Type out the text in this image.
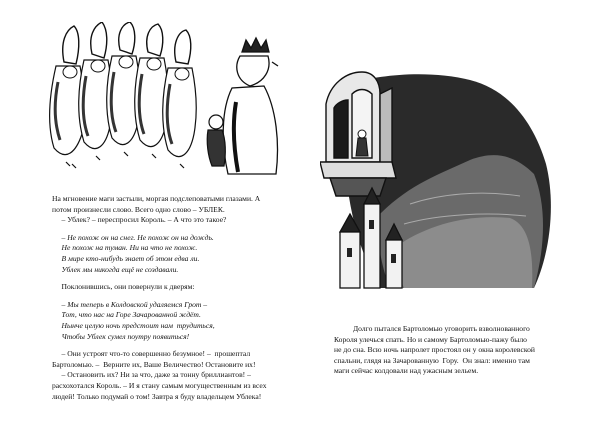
На мгновение маги застыли, моргая подслеповатыми глазами. А

потом произнесли слово. Всего одно слово – УБЛЕК.

– Ублек? – переспросил Король. – А что это такое?

– Не похож он на снег. Не похож он на дождь.

Не похож на туман. Ни на что не похож.

В мире кто-нибудь знает об этом едва ли.

Ублек мы никогда ещё не создавали.

Поклонившись, они повернули к дверям:

– Мы теперь в Колдовской удаляемся Грот –

Тот, что нас на Горе Зачарованной ждёт.

Нынче целую ночь предстоит нам  трудиться,

Чтобы Ублек сумел поутру появиться!

– Они устроят что-то совершенно безумное! –  прошептал

Бартоломью. –  Верните их, Ваше Величество! Остановите их!

– Остановить их? Ни за что, даже за тонну бриллиантов! –

расхохотался Король. – И я стану самым могущественным из всех

людей! Только подумай о том! Завтра я буду владельцем Ублека!

Долго пытался Бартоломью уговорить взволнованного

Короля улечься спать. Но и самому Бартоломью-пажу было

не до сна. Всю ночь напролет простоял он у окна королевской

спальни, глядя на Зачарованную  Гору.  Он знал: именно там

маги сейчас колдовали над ужасным зельем.
